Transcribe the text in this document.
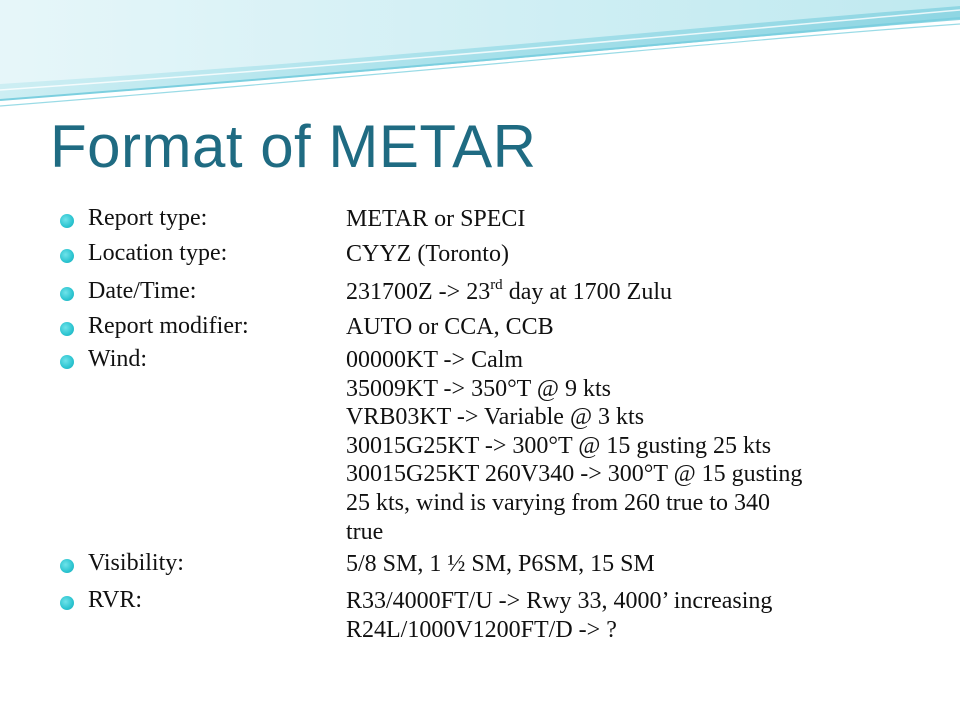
Format of METAR
Report type:	METAR or SPECI
Location type:	CYYZ (Toronto)
Date/Time:	231700Z -> 23rd day at 1700 Zulu
Report modifier:	AUTO or CCA, CCB
Wind:	00000KT -> Calm
35009KT -> 350°T @ 9 kts
VRB03KT -> Variable @ 3 kts
30015G25KT -> 300°T @ 15 gusting 25 kts
30015G25KT 260V340 -> 300°T @ 15 gusting
25 kts, wind is varying from 260 true to 340
true
Visibility:	5/8 SM, 1 ½ SM, P6SM, 15 SM
RVR:	R33/4000FT/U -> Rwy 33, 4000’ increasing
R24L/1000V1200FT/D -> ?
